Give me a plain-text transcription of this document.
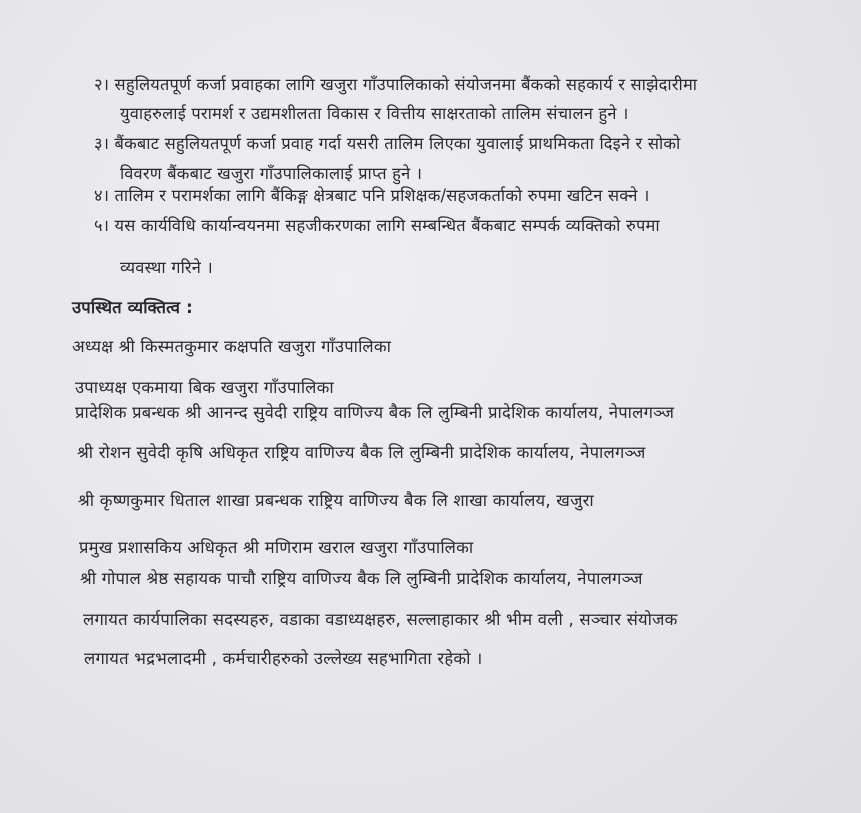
२। सहुलियतपूर्ण कर्जा प्रवाहका लागि खजुरा गाँउपालिकाको संयोजनमा बैंकको सहकार्य र साझेदारीमा
युवाहरुलाई परामर्श र उद्यमशीलता विकास र वित्तीय साक्षरताको तालिम संचालन हुने ।
३। बैंकबाट सहुलियतपूर्ण कर्जा प्रवाह गर्दा यसरी तालिम लिएका युवालाई प्राथमिकता दिइने र सोको
विवरण बैंकबाट खजुरा गाँउपालिकालाई प्राप्त हुने ।
४। तालिम र परामर्शका लागि बैंकिङ्ग क्षेत्रबाट पनि प्रशिक्षक/सहजकर्ताको रुपमा खटिन सक्ने ।
५। यस कार्यविधि कार्यान्वयनमा सहजीकरणका लागि सम्बन्धित बैंकबाट सम्पर्क व्यक्तिको रुपमा
व्यवस्था गरिने ।
उपस्थित व्यक्तित्व :
अध्यक्ष श्री किस्मतकुमार कक्षपति खजुरा गाँउपालिका
उपाध्यक्ष एकमाया बिक खजुरा गाँउपालिका
प्रादेशिक प्रबन्धक श्री आनन्द सुवेदी राष्ट्रिय वाणिज्य बैक लि लुम्बिनी प्रादेशिक कार्यालय, नेपालगञ्ज
श्री रोशन सुवेदी कृषि अधिकृत राष्ट्रिय वाणिज्य बैक लि लुम्बिनी प्रादेशिक कार्यालय, नेपालगञ्ज
श्री कृष्णकुमार धिताल शाखा प्रबन्धक राष्ट्रिय वाणिज्य बैक लि शाखा कार्यालय, खजुरा
प्रमुख प्रशासकिय अधिकृत श्री मणिराम खराल खजुरा गाँउपालिका
श्री गोपाल श्रेष्ठ सहायक पाचौ राष्ट्रिय वाणिज्य बैक लि लुम्बिनी प्रादेशिक कार्यालय, नेपालगञ्ज
लगायत कार्यपालिका सदस्यहरु, वडाका वडाध्यक्षहरु, सल्लाहाकार श्री भीम वली , सञ्चार संयोजक
लगायत भद्रभलादमी , कर्मचारीहरुको उल्लेख्य सहभागिता रहेको ।
